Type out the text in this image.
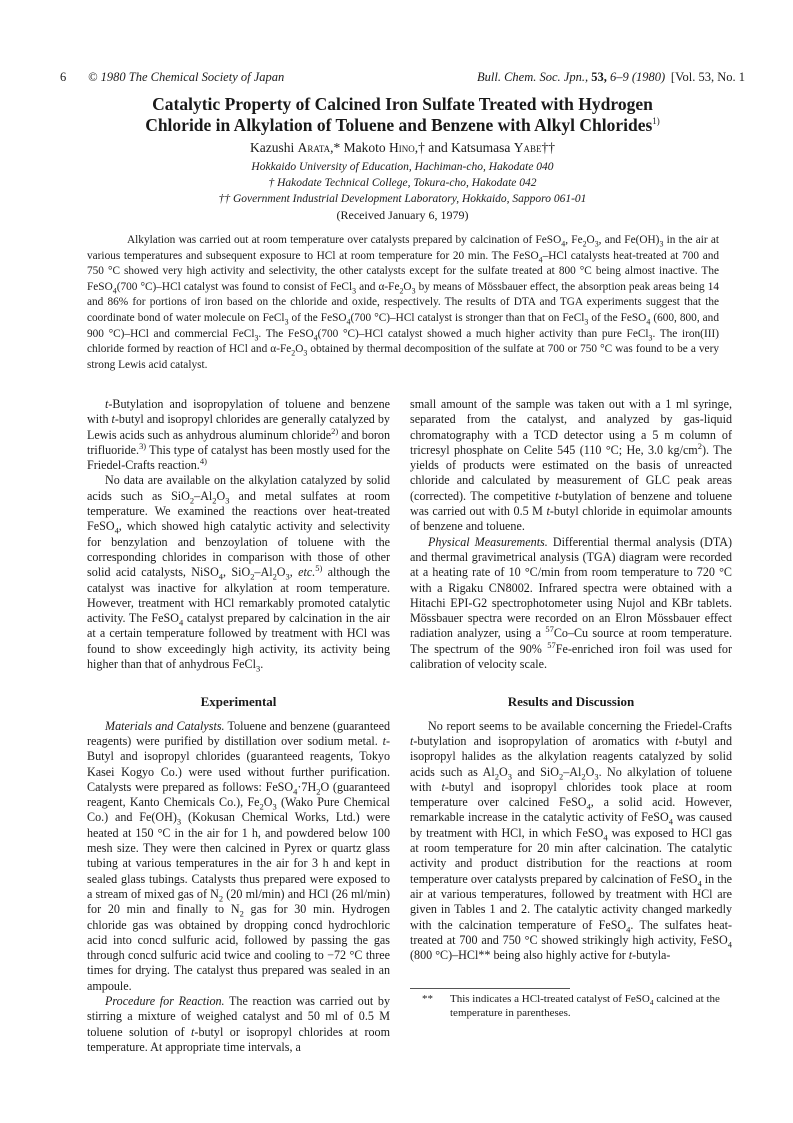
6 © 1980 The Chemical Society of Japan	Bull. Chem. Soc. Jpn., 53, 6–9 (1980) [Vol. 53, No. 1
Catalytic Property of Calcined Iron Sulfate Treated with Hydrogen
Chloride in Alkylation of Toluene and Benzene with Alkyl Chlorides$^{1)}$
Kazushi Arata,* Makoto Hino,† and Katsumasa Yabe††
Hokkaido University of Education, Hachiman-cho, Hakodate 040
† Hakodate Technical College, Tokura-cho, Hakodate 042
†† Government Industrial Development Laboratory, Hokkaido, Sapporo 061-01
(Received January 6, 1979)
Alkylation was carried out at room temperature over catalysts prepared by calcination of FeSO$_4$, $Fe_2O_3$, and $Fe(OH)_3$ in the air at various temperatures and subsequent exposure to HCl at room temperature for 20 min. The FeSO$_4$–HCl catalysts heat-treated at 700 and 750 °C showed very high activity and selectivity, the other catalysts except for the sulfate treated at 800 °C being almost inactive. The FeSO$_4$(700 °C)–HCl catalyst was found to consist of FeCl$_3$ and $\alpha-Fe_2O_3$ by means of Mössbauer effect, the absorption peak areas being 14 and 86% for portions of iron based on the chloride and oxide, respectively. The results of DTA and TGA experiments suggest that the coordinate bond of water molecule on FeCl$_3$ of the FeSO$_4$(700 °C)–HCl catalyst is stronger than that on FeCl$_3$ of the FeSO$_4$ (600, 800, and 900 °C)–HCl and commercial FeCl$_3$. The FeSO$_4$(700 °C)–HCl catalyst showed a much higher activity than pure FeCl$_3$. The iron(III) chloride formed by reaction of HCl and $\alpha-Fe_2O_3$ obtained by thermal decomposition of the sulfate at 700 or 750 °C was found to be a very strong Lewis acid catalyst.

t-Butylation and isopropylation of toluene and benzene with t-butyl and isopropyl chlorides are generally catalyzed by Lewis acids such as anhydrous aluminum chloride$^{2)}$ and boron trifluoride.$^{3)}$ This type of catalyst has been mostly used for the Friedel-Crafts reaction.$^{4)}$

No data are available on the alkylation catalyzed by solid acids such as $SiO_2-Al_2O_3$ and metal sulfates at room temperature. We examined the reactions over heat-treated FeSO$_4$, which showed high catalytic activity and selectivity for benzylation and benzoylation of toluene with the corresponding chlorides in comparison with those of other solid acid catalysts, NiSO$_4$, $SiO_2-Al_2O_3$, etc.$^{5)}$ although the catalyst was inactive for alkylation at room temperature. However, treatment with HCl remarkably promoted catalytic activity. The FeSO$_4$ catalyst prepared by calcination in the air at a certain temperature followed by treatment with HCl was found to show exceedingly high activity, its activity being higher than that of anhydrous FeCl$_3$.

Experimental

Materials and Catalysts. Toluene and benzene (guaranteed reagents) were purified by distillation over sodium metal. t-Butyl and isopropyl chlorides (guaranteed reagents, Tokyo Kasei Kogyo Co.) were used without further purification. Catalysts were prepared as follows: $FeSO_4\cdot 7H_2O$ (guaranteed reagent, Kanto Chemicals Co.), $Fe_2O_3$ (Wako Pure Chemical Co.) and $Fe(OH)_3$ (Kokusan Chemical Works, Ltd.) were heated at 150 °C in the air for 1 h, and powdered below 100 mesh size. They were then calcined in Pyrex or quartz glass tubing at various temperatures in the air for 3 h and kept in sealed glass tubings. Catalysts thus prepared were exposed to a stream of mixed gas of $N_2$ (20 ml/min) and HCl (26 ml/min) for 20 min and finally to $N_2$ gas for 30 min. Hydrogen chloride gas was obtained by dropping concd hydrochloric acid into concd sulfuric acid, followed by passing the gas through concd sulfuric acid twice and cooling to −72 °C three times for drying. The catalyst thus prepared was sealed in an ampoule.

Procedure for Reaction. The reaction was carried out by stirring a mixture of weighed catalyst and 50 ml of 0.5 M toluene solution of t-butyl or isopropyl chlorides at room temperature. At appropriate time intervals, a

small amount of the sample was taken out with a 1 ml syringe, separated from the catalyst, and analyzed by gas-liquid chromatography with a TCD detector using a 5 m column of tricresyl phosphate on Celite 545 (110 °C; He, 3.0 $kg/cm^2$). The yields of products were estimated on the basis of unreacted chloride and calculated by measurement of GLC peak areas (corrected). The competitive t-butylation of benzene and toluene was carried out with 0.5 M t-butyl chloride in equimolar amounts of benzene and toluene.

Physical Measurements. Differential thermal analysis (DTA) and thermal gravimetrical analysis (TGA) diagram were recorded at a heating rate of 10 °C/min from room temperature to 720 °C with a Rigaku CN8002. Infrared spectra were obtained with a Hitachi EPI-G2 spectrophotometer using Nujol and KBr tablets. Mössbauer spectra were recorded on an Elron Mössbauer effect radiation analyzer, using a $^{57}$Co–Cu source at room temperature. The spectrum of the 90% $^{57}$Fe-enriched iron foil was used for calibration of velocity scale.

Results and Discussion

No report seems to be available concerning the Friedel-Crafts t-butylation and isopropylation of aromatics with t-butyl and isopropyl halides as the alkylation reagents catalyzed by solid acids such as $Al_2O_3$ and $SiO_2-Al_2O_3$. No alkylation of toluene with t-butyl and isopropyl chlorides took place at room temperature over calcined FeSO$_4$, a solid acid. However, remarkable increase in the catalytic activity of FeSO$_4$ was caused by treatment with HCl, in which FeSO$_4$ was exposed to HCl gas at room temperature for 20 min after calcination. The catalytic activity and product distribution for the reactions at room temperature over catalysts prepared by calcination of FeSO$_4$ in the air at various temperatures, followed by treatment with HCl are given in Tables 1 and 2. The catalytic activity changed markedly with the calcination temperature of FeSO$_4$. The sulfates heat-treated at 700 and 750 °C showed strikingly high activity, FeSO$_4$ (800 °C)–HCl** being also highly active for t-butyla-

** This indicates a HCl-treated catalyst of FeSO$_4$ calcined at the temperature in parentheses.
